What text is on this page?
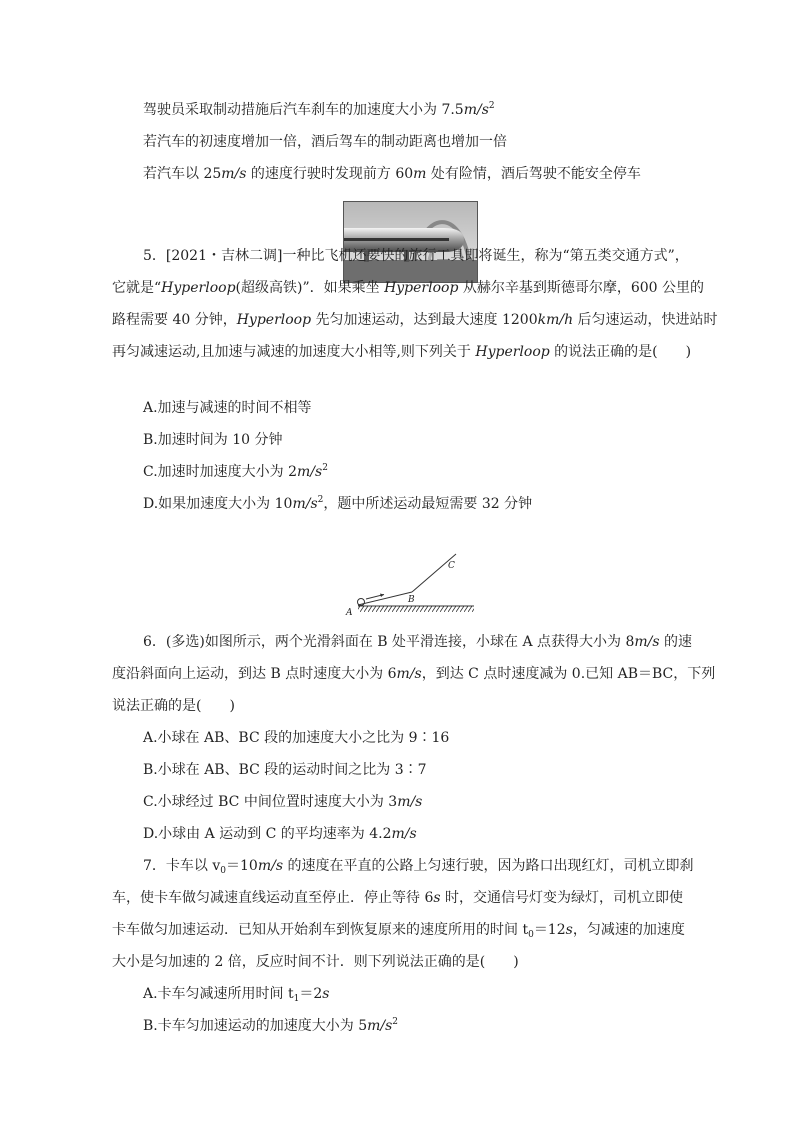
驾驶员采取制动措施后汽车刹车的加速度大小为 $7.5m/s^2$
若汽车的初速度增加一倍，酒后驾车的制动距离也增加一倍
若汽车以 25m/s 的速度行驶时发现前方 60m 处有险情，酒后驾驶不能安全停车
5．[2021・吉林二调]一种比飞机还要快的旅行工具即将诞生，称为“第五类交通方式”，
它就是“Hyperloop(超级高铁)”．如果乘坐 Hyperloop 从赫尔辛基到斯德哥尔摩，600 公里的
路程需要 40 分钟，Hyperloop 先匀加速运动，达到最大速度 1200km/h 后匀速运动，快进站时
再匀减速运动,且加速与减速的加速度大小相等,则下列关于 Hyperloop 的说法正确的是(　　)
A.加速与减速的时间不相等
B.加速时间为 10 分钟
C.加速时加速度大小为 $2m/s^2$
D.如果加速度大小为 $10m/s^2$，题中所述运动最短需要 32 分钟
A
B
C
6．(多选)如图所示，两个光滑斜面在 B 处平滑连接，小球在 A 点获得大小为 8m/s 的速
度沿斜面向上运动，到达 B 点时速度大小为 6m/s，到达 C 点时速度减为 0.已知 AB＝BC，下列
说法正确的是(　　)
A.小球在 AB、BC 段的加速度大小之比为 9∶16
B.小球在 AB、BC 段的运动时间之比为 3∶7
C.小球经过 BC 中间位置时速度大小为 3m/s
D.小球由 A 运动到 C 的平均速率为 4.2m/s
7．卡车以 $v_0=10m/s$ 的速度在平直的公路上匀速行驶，因为路口出现红灯，司机立即刹
车，使卡车做匀减速直线运动直至停止．停止等待 6s 时，交通信号灯变为绿灯，司机立即使
卡车做匀加速运动．已知从开始刹车到恢复原来的速度所用的时间 $t_0=12s$，匀减速的加速度
大小是匀加速的 2 倍，反应时间不计．则下列说法正确的是(　　)
A.卡车匀减速所用时间 $t_1=2s$
B.卡车匀加速运动的加速度大小为 $5m/s^2$
